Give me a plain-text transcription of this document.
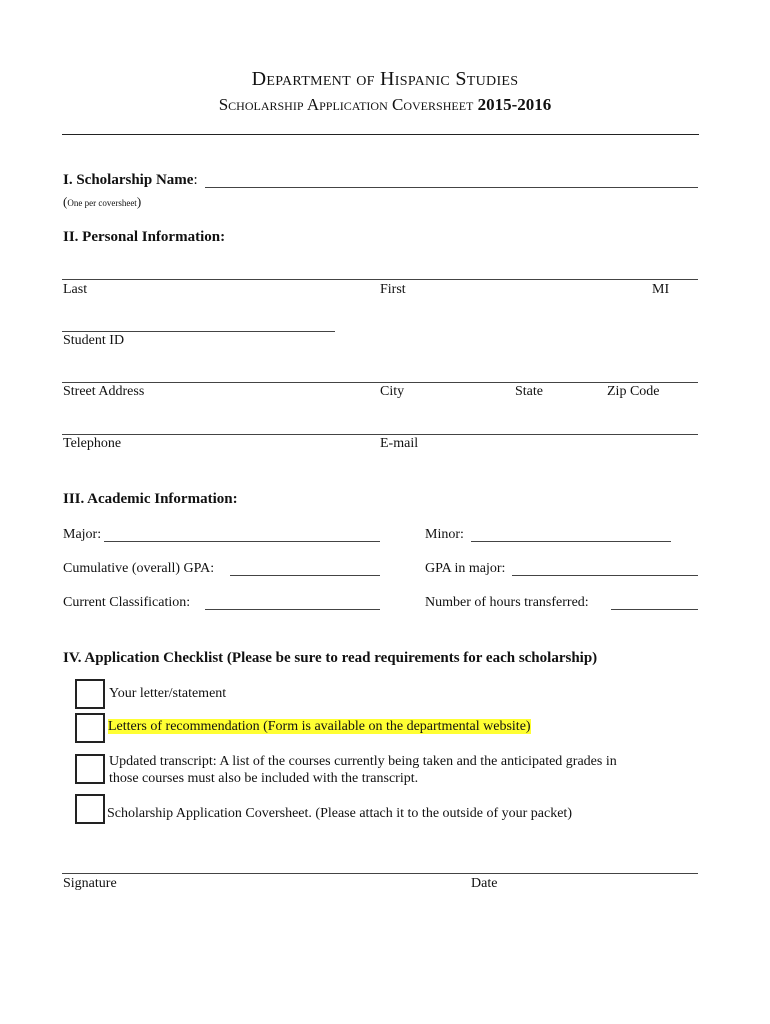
Department of Hispanic Studies
Scholarship Application Coversheet 2015-2016
I. Scholarship Name:
(One per coversheet)
II. Personal Information:
Last	First	MI
Student ID
Street Address	City	State	Zip Code
Telephone	E-mail
III. Academic Information:
Major:	Minor:
Cumulative (overall) GPA:	GPA in major:
Current Classification:	Number of hours transferred:
IV. Application Checklist (Please be sure to read requirements for each scholarship)
Your letter/statement
Letters of recommendation (Form is available on the departmental website)
Updated transcript: A list of the courses currently being taken and the anticipated grades in
those courses must also be included with the transcript.
Scholarship Application Coversheet. (Please attach it to the outside of your packet)
Signature	Date
